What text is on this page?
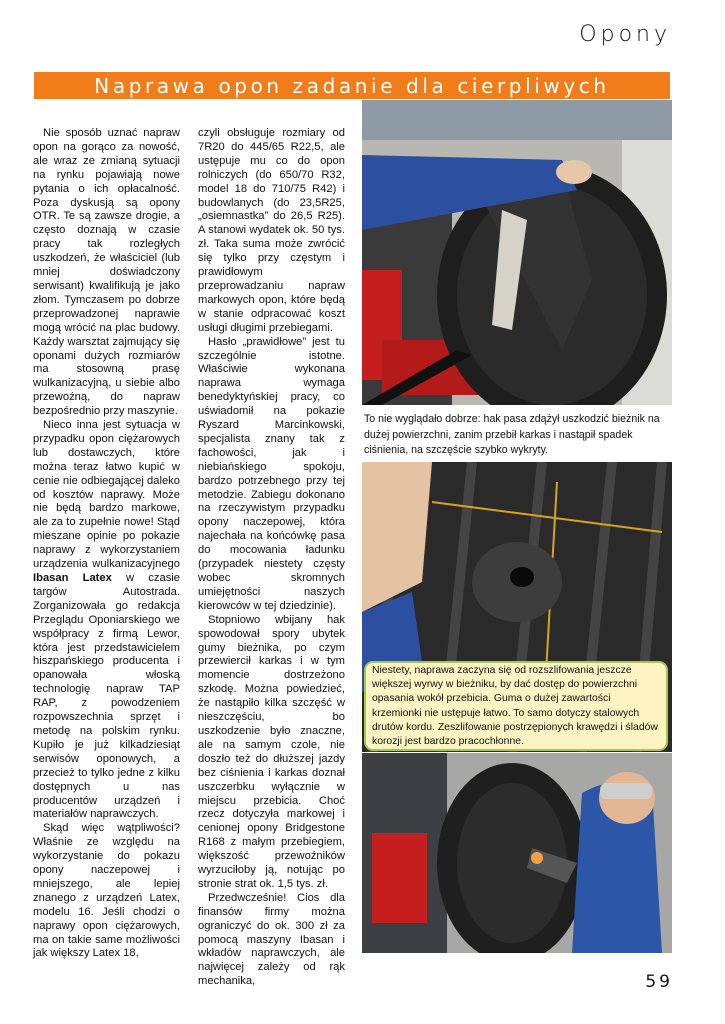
Opony
Naprawa opon zadanie dla cierpliwych

Nie sposób uznać napraw opon na gorąco za nowość, ale wraz ze zmianą sytuacji na rynku pojawiają nowe pytania o ich opłacalność. Poza dyskusją są opony OTR. Te są zawsze drogie, a często doznają w czasie pracy tak rozległych uszkodzeń, że właściciel (lub mniej doświadczony serwisant) kwalifikują je jako złom. Tymczasem po dobrze przeprowadzonej naprawie mogą wrócić na plac budowy. Każdy warsztat zajmujący się oponami dużych rozmiarów ma stosowną prasę wulkanizacyjną, u siebie albo przewoźną, do napraw bezpośrednio przy maszynie.

Nieco inna jest sytuacja w przypadku opon ciężarowych lub dostawczych, które można teraz łatwo kupić w cenie nie odbiegającej daleko od kosztów naprawy. Może nie będą bardzo markowe, ale za to zupełnie nowe! Stąd mieszane opinie po pokazie naprawy z wykorzystaniem urządzenia wulkanizacyjnego Ibasan Latex w czasie targów Autostrada. Zorganizowała go redakcja Przeglądu Oponiarskiego we współpracy z firmą Lewor, która jest przedstawicielem hiszpańskiego producenta i opanowała włoską technologię napraw TAP RAP, z powodzeniem rozpowszechnia sprzęt i metodę na polskim rynku. Kupiło je już kilkadziesiąt serwisów oponowych, a przecież to tylko jedne z kilku dostępnych u nas producentów urządzeń i materiałów naprawczych.

Skąd więc wątpliwości? Właśnie ze względu na wykorzystanie do pokazu opony naczepowej i mniejszego, ale lepiej znanego z urządzeń Latex, modelu 16. Jeśli chodzi o naprawy opon ciężarowych, ma on takie same możliwości jak większy Latex 18,

czyli obsługuje rozmiary od 7R20 do 445/65 R22,5, ale ustępuje mu co do opon rolniczych (do 650/70 R32, model 18 do 710/75 R42) i budowlanych (do 23,5R25, „osiemnastka” do 26,5 R25). A stanowi wydatek ok. 50 tys. zł. Taka suma może zwrócić się tylko przy częstym i prawidłowym przeprowadzaniu napraw markowych opon, które będą w stanie odpracować koszt usługi długimi przebiegami.

Hasło „prawidłowe” jest tu szczególnie istotne. Właściwie wykonana naprawa wymaga benedyktyńskiej pracy, co uświadomił na pokazie Ryszard Marcinkowski, specjalista znany tak z fachowości, jak i niebiańskiego spokoju, bardzo potrzebnego przy tej metodzie. Zabiegu dokonano na rzeczywistym przypadku opony naczepowej, która najechała na końcówkę pasa do mocowania ładunku (przypadek niestety częsty wobec skromnych umiejętności naszych kierowców w tej dziedzinie).

Stopniowo wbijany hak spowodował spory ubytek gumy bieżnika, po czym przewiercił karkas i w tym momencie dostrzeżono szkodę. Można powiedzieć, że nastąpiło kilka szczęść w nieszczęściu, bo uszkodzenie było znaczne, ale na samym czole, nie doszło też do dłuższej jazdy bez ciśnienia i karkas doznał uszczerbku wyłącznie w miejscu przebicia. Choć rzecz dotyczyła markowej i cenionej opony Bridgestone R168 z małym przebiegiem, większość przewoźników wyrzuciłoby ją, notując po stronie strat ok. 1,5 tys. zł.

Przedwcześnie! Cios dla finansów firmy można ograniczyć do ok. 300 zł za pomocą maszyny Ibasan i wkładów naprawczych, ale najwięcej zależy od rąk mechanika,

To nie wyglądało dobrze: hak pasa zdążył uszkodzić bieżnik na dużej powierzchni, zanim przebił karkas i nastąpił spadek ciśnienia, na szczęście szybko wykryty.
Niestety, naprawa zaczyna się od rozszlifowania jeszcze większej wyrwy w bieżniku, by dać dostęp do powierzchni opasania wokół przebicia. Guma o dużej zawartości krzemionki nie ustępuje łatwo. To samo dotyczy stalowych drutów kordu. Zeszlifowanie postrzępionych krawędzi i śladów korozji jest bardzo pracochłonne.
59
